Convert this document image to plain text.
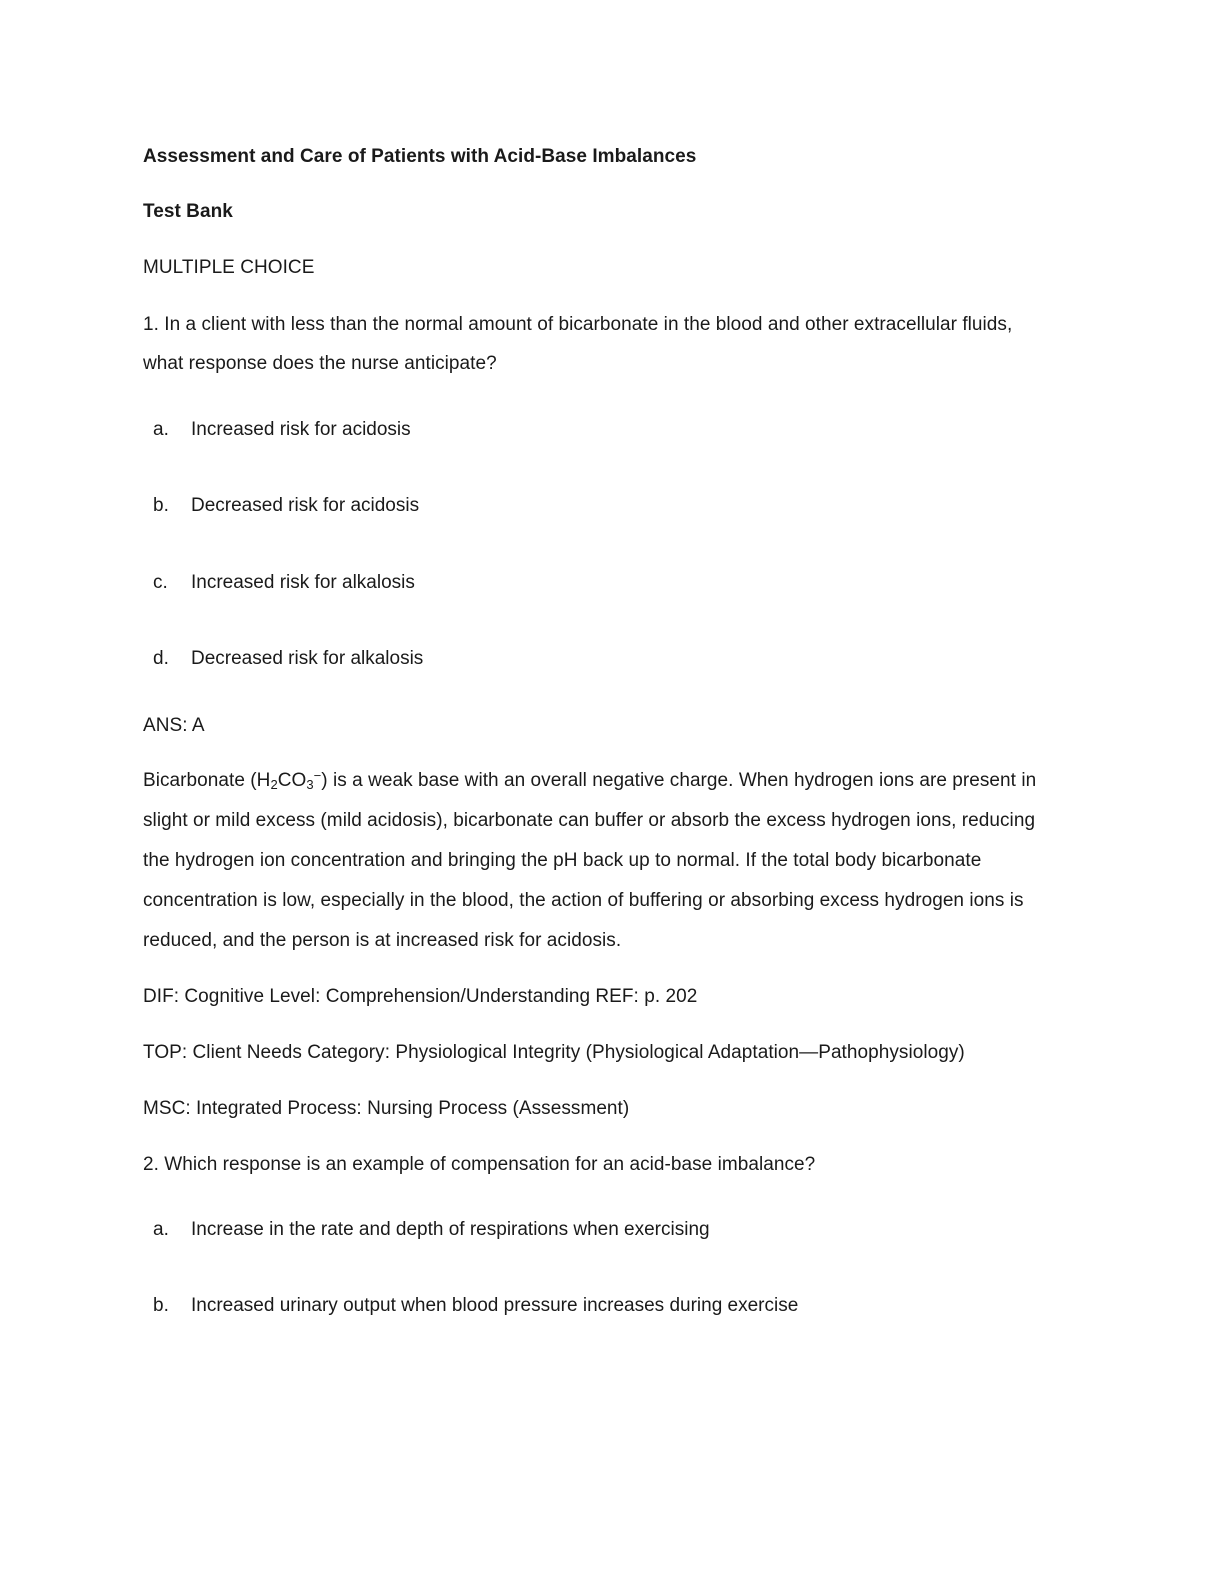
Assessment and Care of Patients with Acid-Base Imbalances
Test Bank
MULTIPLE CHOICE
1. In a client with less than the normal amount of bicarbonate in the blood and other extracellular fluids,
what response does the nurse anticipate?
a. Increased risk for acidosis
b. Decreased risk for acidosis
c. Increased risk for alkalosis
d. Decreased risk for alkalosis
ANS: A
Bicarbonate $(H_2CO_3^-)$ is a weak base with an overall negative charge. When hydrogen ions are present in
slight or mild excess (mild acidosis), bicarbonate can buffer or absorb the excess hydrogen ions, reducing
the hydrogen ion concentration and bringing the pH back up to normal. If the total body bicarbonate
concentration is low, especially in the blood, the action of buffering or absorbing excess hydrogen ions is
reduced, and the person is at increased risk for acidosis.
DIF: Cognitive Level: Comprehension/Understanding REF: p. 202
TOP: Client Needs Category: Physiological Integrity (Physiological Adaptation—Pathophysiology)
MSC: Integrated Process: Nursing Process (Assessment)
2. Which response is an example of compensation for an acid-base imbalance?
a. Increase in the rate and depth of respirations when exercising
b. Increased urinary output when blood pressure increases during exercise
